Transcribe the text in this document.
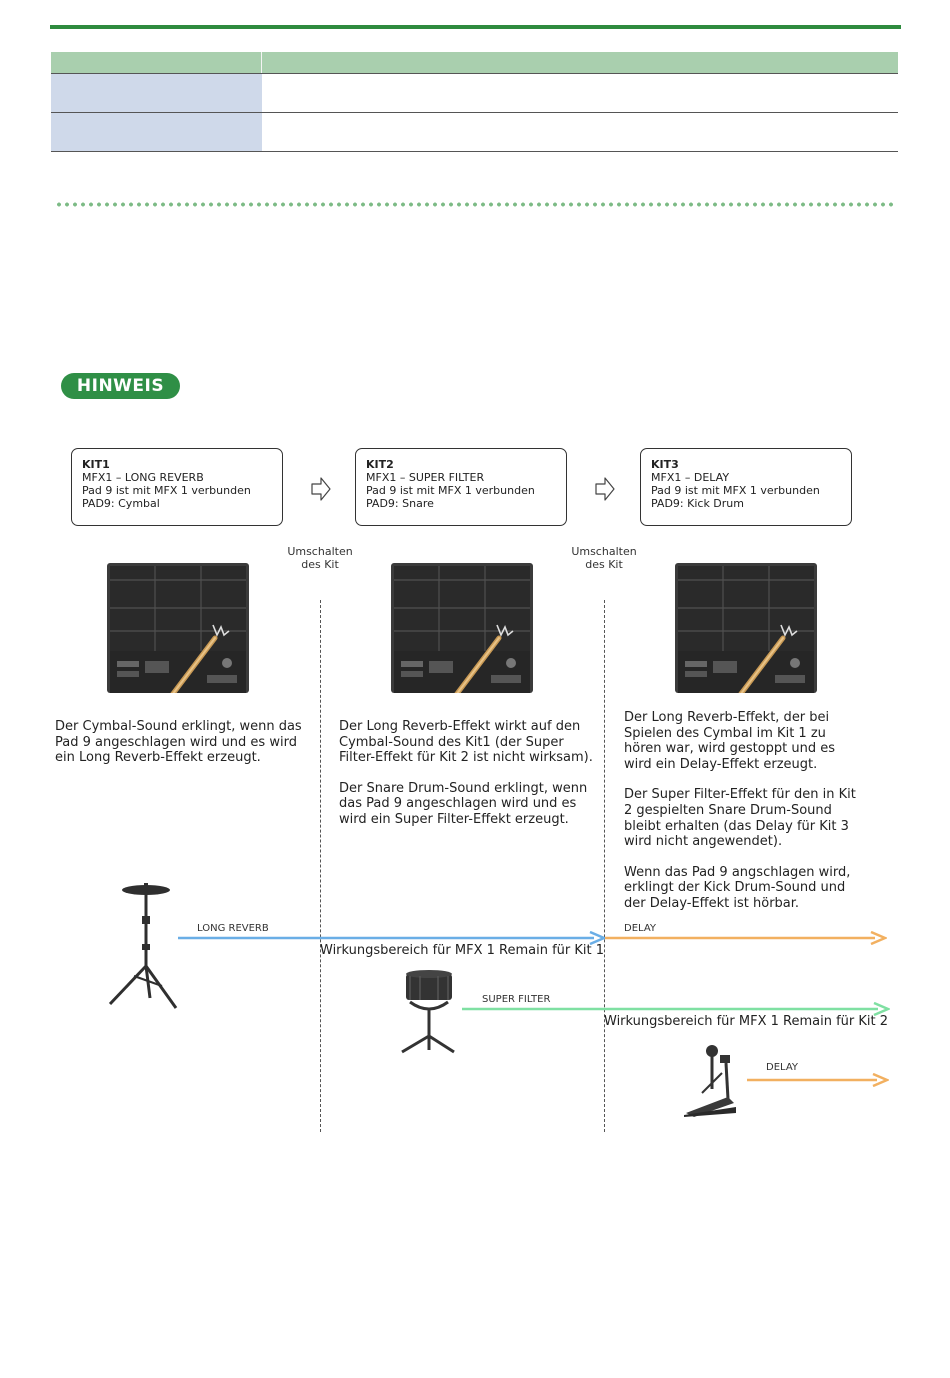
HINWEIS
KIT1
MFX1 – LONG REVERB
Pad 9 ist mit MFX 1 verbunden
PAD9: Cymbal
KIT2
MFX1 – SUPER FILTER
Pad 9 ist mit MFX 1 verbunden
PAD9: Snare
KIT3
MFX1 – DELAY
Pad 9 ist mit MFX 1 verbunden
PAD9: Kick Drum
Umschalten
des Kit
Umschalten
des Kit

Der Cymbal-Sound erklingt, wenn das Pad 9 angeschlagen wird und es wird ein Long Reverb-Effekt erzeugt.

Der Long Reverb-Effekt wirkt auf den Cymbal-Sound des Kit1 (der Super Filter-Effekt für Kit 2 ist nicht wirksam).

Der Snare Drum-Sound erklingt, wenn das Pad 9 angeschlagen wird und es wird ein Super Filter-Effekt erzeugt.

Der Long Reverb-Effekt, der bei Spielen des Cymbal im Kit 1 zu hören war, wird gestoppt und es wird ein Delay-Effekt erzeugt.

Der Super Filter-Effekt für den in Kit 2 gespielten Snare Drum-Sound bleibt erhalten (das Delay für Kit 3 wird nicht angewendet).

Wenn das Pad 9 angschlagen wird, erklingt der Kick Drum-Sound und der Delay-Effekt ist hörbar.

LONG REVERB	DELAY
SUPER FILTER
DELAY
Wirkungsbereich für MFX 1 Remain für Kit 1
Wirkungsbereich für MFX 1 Remain für Kit 2
